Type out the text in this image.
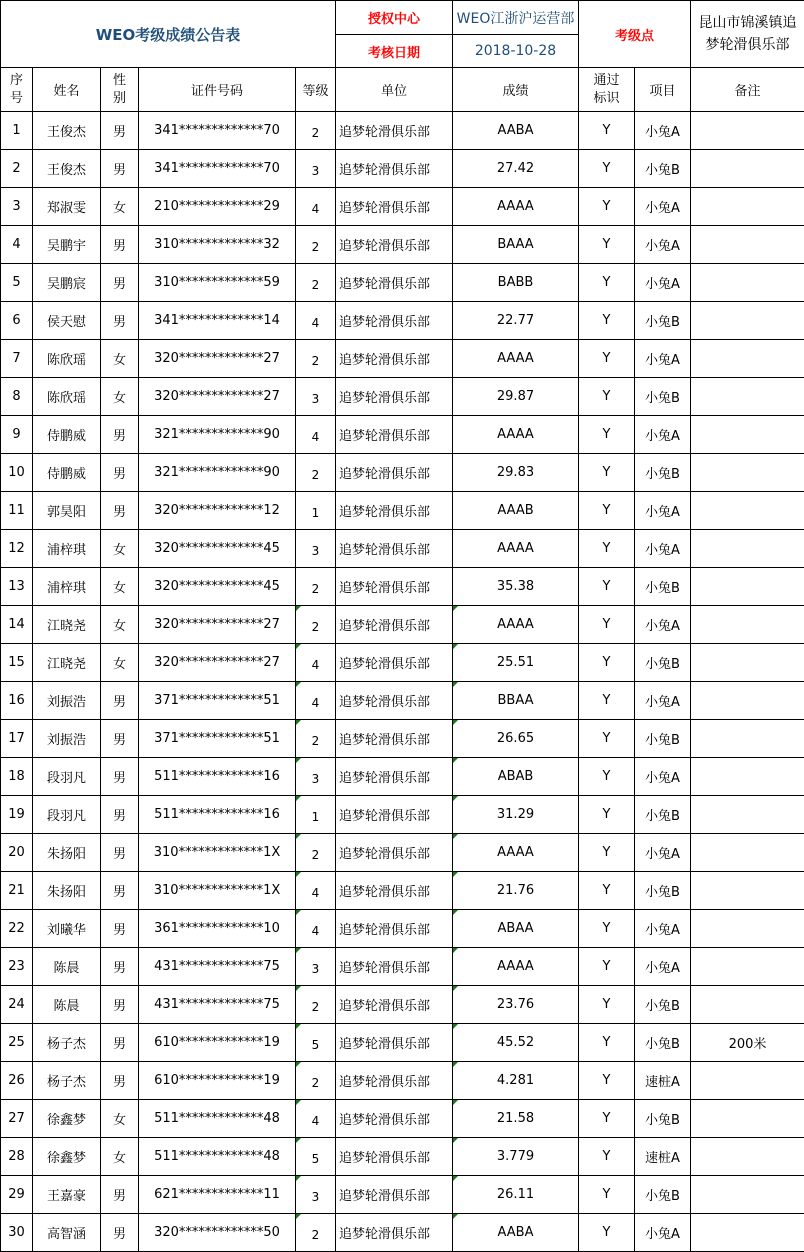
WEO考级成绩公告表					授权中心	WEO江浙沪运营部	考级点		昆山市锦溪镇追梦轮滑俱乐部
					考核日期	2018-10-28			
序号	姓名	性别	证件号码	等级	单位	成绩	通过标识	项目	备注
1	王俊杰	男	341*************70	2	追梦轮滑俱乐部	AABA	Y	小兔A	
2	王俊杰	男	341*************70	3	追梦轮滑俱乐部	27.42	Y	小兔B	
3	郑淑雯	女	210*************29	4	追梦轮滑俱乐部	AAAA	Y	小兔A	
4	吴鹏宇	男	310*************32	2	追梦轮滑俱乐部	BAAA	Y	小兔A	
5	吴鹏宸	男	310*************59	2	追梦轮滑俱乐部	BABB	Y	小兔A	
6	侯天慰	男	341*************14	4	追梦轮滑俱乐部	22.77	Y	小兔B	
7	陈欣瑶	女	320*************27	2	追梦轮滑俱乐部	AAAA	Y	小兔A	
8	陈欣瑶	女	320*************27	3	追梦轮滑俱乐部	29.87	Y	小兔B	
9	侍鹏威	男	321*************90	4	追梦轮滑俱乐部	AAAA	Y	小兔A	
10	侍鹏威	男	321*************90	2	追梦轮滑俱乐部	29.83	Y	小兔B	
11	郭昊阳	男	320*************12	1	追梦轮滑俱乐部	AAAB	Y	小兔A	
12	浦梓琪	女	320*************45	3	追梦轮滑俱乐部	AAAA	Y	小兔A	
13	浦梓琪	女	320*************45	2	追梦轮滑俱乐部	35.38	Y	小兔B	
14	江晓尧	女	320*************27	2	追梦轮滑俱乐部	AAAA	Y	小兔A	
15	江晓尧	女	320*************27	4	追梦轮滑俱乐部	25.51	Y	小兔B	
16	刘振浩	男	371*************51	4	追梦轮滑俱乐部	BBAA	Y	小兔A	
17	刘振浩	男	371*************51	2	追梦轮滑俱乐部	26.65	Y	小兔B	
18	段羽凡	男	511*************16	3	追梦轮滑俱乐部	ABAB	Y	小兔A	
19	段羽凡	男	511*************16	1	追梦轮滑俱乐部	31.29	Y	小兔B	
20	朱扬阳	男	310*************1X	2	追梦轮滑俱乐部	AAAA	Y	小兔A	
21	朱扬阳	男	310*************1X	4	追梦轮滑俱乐部	21.76	Y	小兔B	
22	刘曦华	男	361*************10	4	追梦轮滑俱乐部	ABAA	Y	小兔A	
23	陈晨	男	431*************75	3	追梦轮滑俱乐部	AAAA	Y	小兔A	
24	陈晨	男	431*************75	2	追梦轮滑俱乐部	23.76	Y	小兔B	
25	杨子杰	男	610*************19	5	追梦轮滑俱乐部	45.52	Y	小兔B	200米
26	杨子杰	男	610*************19	2	追梦轮滑俱乐部	4.281	Y	速桩A	
27	徐鑫梦	女	511*************48	4	追梦轮滑俱乐部	21.58	Y	小兔B	
28	徐鑫梦	女	511*************48	5	追梦轮滑俱乐部	3.779	Y	速桩A	
29	王嘉豪	男	621*************11	3	追梦轮滑俱乐部	26.11	Y	小兔B	
30	高智涵	男	320*************50	2	追梦轮滑俱乐部	AABA	Y	小兔A	
